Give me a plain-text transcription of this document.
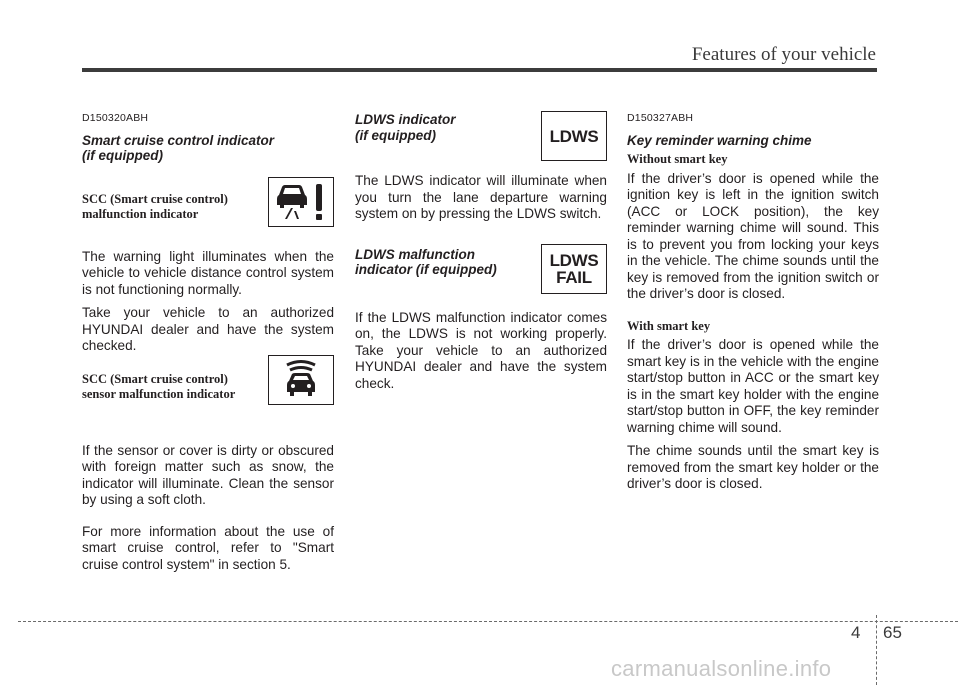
Features of your vehicle
D150320ABH
Smart cruise control indicator
(if equipped)
SCC (Smart cruise control)
malfunction indicator

The warning light illuminates when the vehicle to vehicle distance control system is not functioning normally.

Take your vehicle to an authorized HYUNDAI dealer and have the system checked.

SCC (Smart cruise control)
sensor malfunction indicator

If the sensor or cover is dirty or obscured with foreign matter such as snow, the indicator will illuminate. Clean the sensor by using a soft cloth.

For more information about the use of smart cruise control, refer to "Smart cruise control system" in section 5.

LDWS indicator
(if equipped)

The LDWS indicator will illuminate when you turn the lane departure warning system on by pressing the LDWS switch.

LDWS malfunction
indicator (if equipped)

If the LDWS malfunction indicator comes on, the LDWS is not working properly. Take your vehicle to an authorized HYUNDAI dealer and have the system check.

LDWS
LDWS
FAIL
D150327ABH
Key reminder warning chime
Without smart key

If the driver’s door is opened while the ignition key is left in the ignition switch (ACC or LOCK position), the key reminder warning chime will sound. This is to prevent you from locking your keys in the vehicle. The chime sounds until the key is removed from the ignition switch or the driver’s door is closed.

With smart key

If the driver’s door is opened while the smart key is in the vehicle with the engine start/stop button in ACC or the smart key is in the smart key holder with the engine start/stop button in OFF, the key reminder warning chime will sound.

The chime sounds until the smart key is removed from the smart key holder or the driver’s door is closed.

4 65
carmanualsonline.info
